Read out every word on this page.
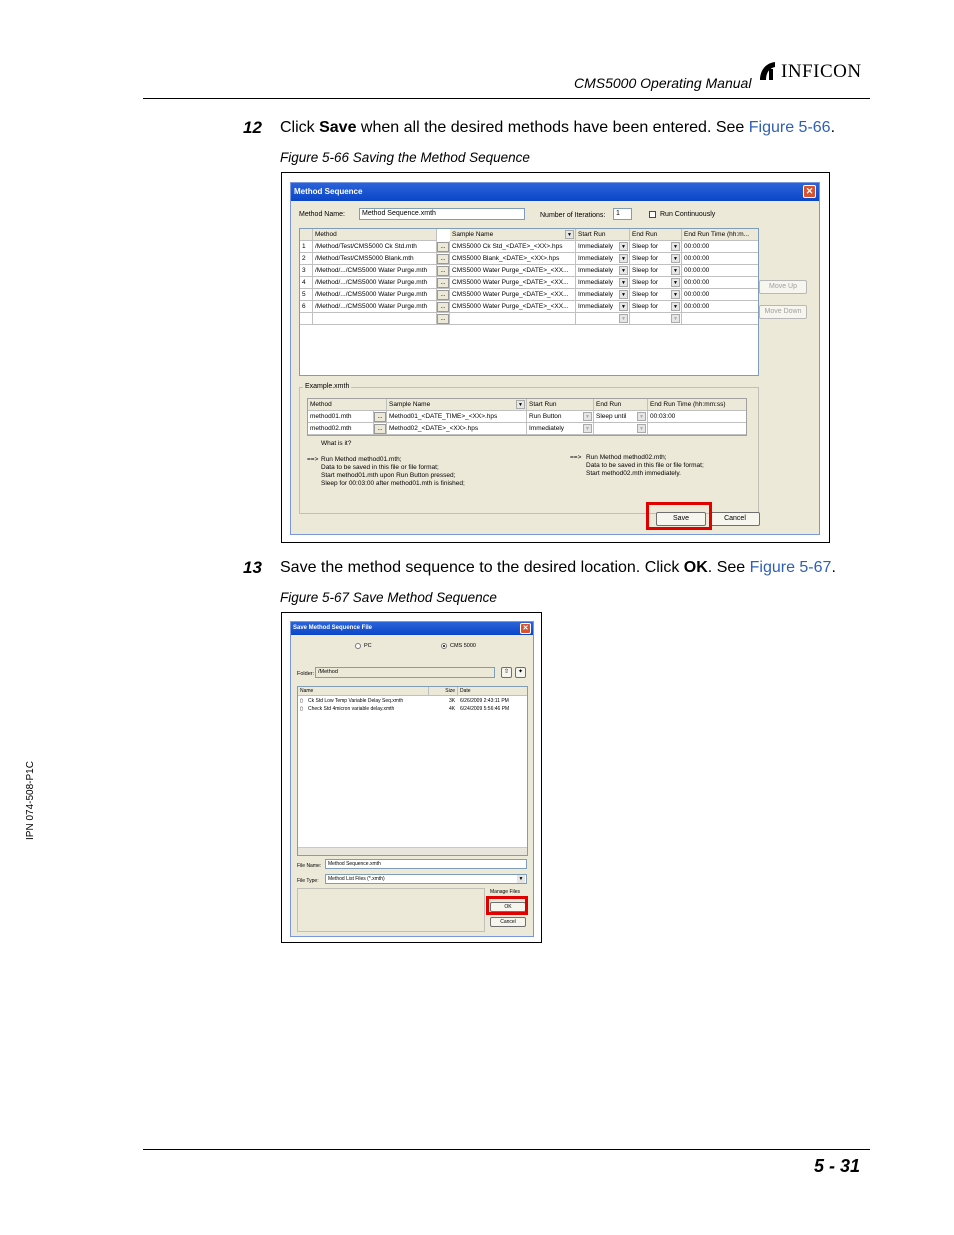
CMS5000 Operating Manual
INFICON
12 Click Save when all the desired methods have been entered. See Figure 5-66.
Figure 5-66 Saving the Method Sequence
Method Sequence	✕
Method Name:	Method Sequence.xmth	Number of Iterations:	1	Run Continuously
Method	Sample Name	▼ Start Run	End Run	End Run Time (hh:m...
1	/Method/Test/CMS5000 Ck Std.mth	...	CMS5000 Ck Std_<DATE>_<XX>.hps	Immediately	▼ Sleep for	▼ 00:00:00
2	/Method/Test/CMS5000 Blank.mth	...	CMS5000 Blank_<DATE>_<XX>.hps	Immediately	▼ Sleep for	▼ 00:00:00
3	/Method/.../CMS5000 Water Purge.mth	...	CMS5000 Water Purge_<DATE>_<XX...	Immediately	▼ Sleep for	▼ 00:00:00
4	/Method/.../CMS5000 Water Purge.mth	...	CMS5000 Water Purge_<DATE>_<XX...	Immediately	▼ Sleep for	▼ 00:00:00
5	/Method/.../CMS5000 Water Purge.mth	...	CMS5000 Water Purge_<DATE>_<XX...	Immediately	▼ Sleep for	▼ 00:00:00
6	/Method/.../CMS5000 Water Purge.mth	...	CMS5000 Water Purge_<DATE>_<XX...	Immediately	▼ Sleep for	▼ 00:00:00
...	▼	▼
Move Up
Move Down
Example.xmth
Method	Sample Name	▼ Start Run	End Run	End Run Time (hh:mm:ss)
method01.mth	...	Method01_<DATE_TIME>_<XX>.hps	Run Button	▼ Sleep until	▼ 00:03:00
method02.mth	...	Method02_<DATE>_<XX>.hps	Immediately	▼	▼
What is it?
==> Run Method method01.mth;
Data to be saved in this file or file format;
Start method01.mth upon Run Button pressed;
Sleep for 00:03:00 after method01.mth is finished;
==> Run Method method02.mth;
Data to be saved in this file or file format;
Start method02.mth immediately.
Save	Cancel
13 Save the method sequence to the desired location. Click OK. See Figure 5-67.
Figure 5-67 Save Method Sequence
Save Method Sequence File	✕
PC	CMS 5000
Folder: /Method	⇧	✦
Name	Size	Date
▯ Ck Std Low Temp Variable Delay Seq.xmth	3K 6/26/2009 2:43:11 PM
▯ Check Std 4micron variable delay.xmth	4K 6/24/2009 5:56:46 PM
File Name:	Method Sequence.xmth
File Type:	Method List Files (*.xmth)	▼
Manage Files
OK
Cancel
IPN 074-508-P1C
5 - 31
